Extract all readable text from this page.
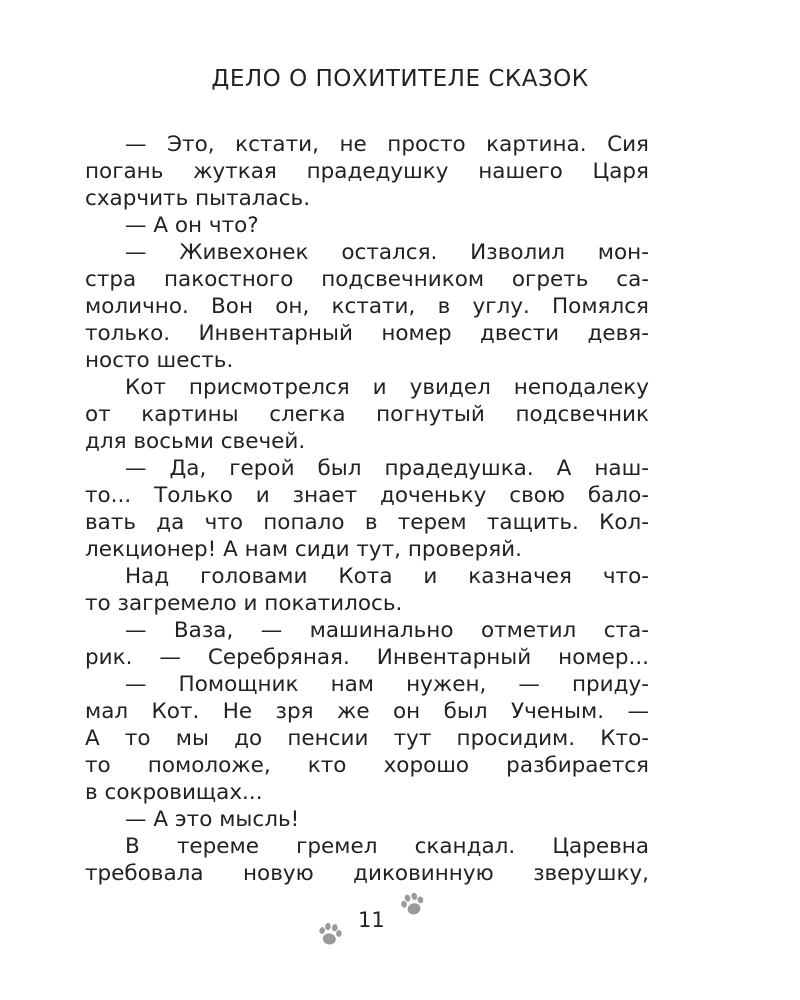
ДЕЛО О ПОХИТИТЕЛЕ СКАЗОК
— Это, кстати, не просто картина. Сия
погань жуткая прадедушку нашего Царя
схарчить пыталась.
— А он что?
— Живехонек остался. Изволил мон-
стра пакостного подсвечником огреть са-
молично. Вон он, кстати, в углу. Помялся
только. Инвентарный номер двести девя-
носто шесть.
Кот присмотрелся и увидел неподалеку
от картины слегка погнутый подсвечник
для восьми свечей.
— Да, герой был прадедушка. А наш-
то... Только и знает доченьку свою бало-
вать да что попало в терем тащить. Кол-
лекционер! А нам сиди тут, проверяй.
Над головами Кота и казначея что-
то загремело и покатилось.
— Ваза, — машинально отметил ста-
рик. — Серебряная. Инвентарный номер...
— Помощник нам нужен, — приду-
мал Кот. Не зря же он был Ученым. —
А то мы до пенсии тут просидим. Кто-
то помоложе, кто хорошо разбирается
в сокровищах...
— А это мысль!
В тереме гремел скандал. Царевна
требовала новую диковинную зверушку,
11
